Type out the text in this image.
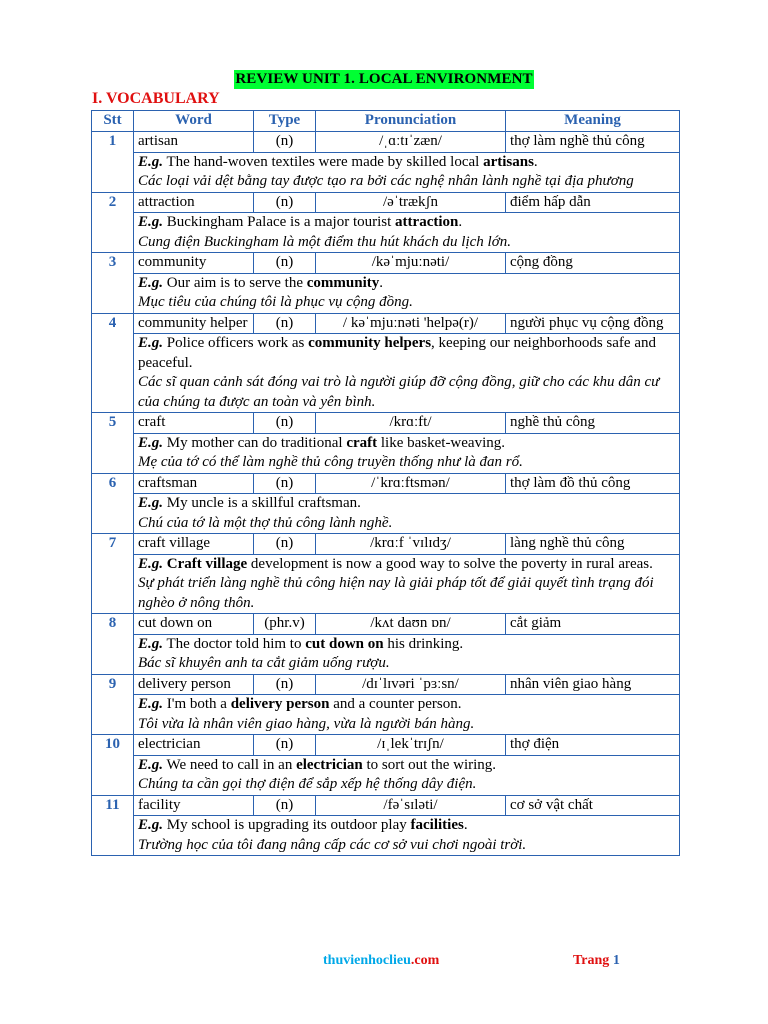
REVIEW UNIT 1. LOCAL ENVIRONMENT
I. VOCABULARY
Stt	Word	Type	Pronunciation	Meaning
1	artisan	(n)	/ˌɑːtɪˈzæn/	thợ làm nghề thủ công

	E.g. The hand-woven textiles were made by skilled local artisans.
Các loại vải dệt bằng tay được tạo ra bởi các nghệ nhân lành nghề tại địa phương			

2	attraction	(n)	/əˈtrækʃn	điểm hấp dẫn

	E.g. Buckingham Palace is a major tourist attraction.
Cung điện Buckingham là một điểm thu hút khách du lịch lớn.			

3	community	(n)	/kəˈmjuːnəti/	cộng đồng

	E.g. Our aim is to serve the community.
Mục tiêu của chúng tôi là phục vụ cộng đồng.			

4	community helper	(n)	/ kəˈmjuːnəti 'helpə(r)/	người phục vụ cộng đồng

	E.g. Police officers work as community helpers, keeping our neighborhoods safe and peaceful.
Các sĩ quan cảnh sát đóng vai trò là người giúp đỡ cộng đồng, giữ cho các khu dân cư của chúng ta được an toàn và yên bình.			

5	craft	(n)	/krɑːft/	nghề thủ công

	E.g. My mother can do traditional craft like basket-weaving.
Mẹ của tớ có thể làm nghề thủ công truyền thống như là đan rổ.			

6	craftsman	(n)	/ˈkrɑːftsmən/	thợ làm đồ thủ công

	E.g. My uncle is a skillful craftsman.
Chú của tớ là một thợ thủ công lành nghề.			

7	craft village	(n)	/krɑːf ˈvɪlɪdʒ/	làng nghề thủ công

	E.g. Craft village development is now a good way to solve the poverty in rural areas.
Sự phát triển làng nghề thủ công hiện nay là giải pháp tốt để giải quyết tình trạng đói nghèo ở nông thôn.			

8	cut down on	(phr.v)	/kʌt daʊn ɒn/	cắt giảm

	E.g. The doctor told him to cut down on his drinking.
Bác sĩ khuyên anh ta cắt giảm uống rượu.			

9	delivery person	(n)	/dɪˈlɪvəri ˈpɜːsn/	nhân viên giao hàng

	E.g. I'm both a delivery person and a counter person.
Tôi vừa là nhân viên giao hàng, vừa là người bán hàng.			

10	electrician	(n)	/ɪˌlekˈtrɪʃn/	thợ điện

	E.g. We need to call in an electrician to sort out the wiring.
Chúng ta cần gọi thợ điện để sắp xếp hệ thống dây điện.			

11	facility	(n)	/fəˈsɪləti/	cơ sở vật chất

	E.g. My school is upgrading its outdoor play facilities.
Trường học của tôi đang nâng cấp các cơ sở vui chơi ngoài trời.			
thuvienhoclieu.com	Trang 1
